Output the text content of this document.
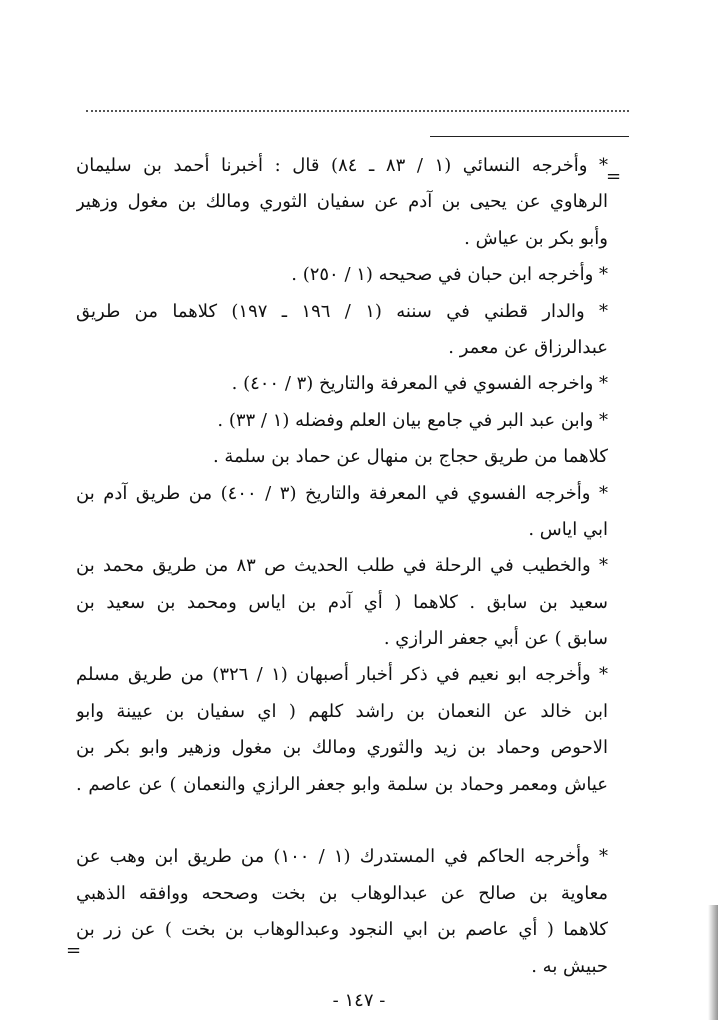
=
* وأخرجه النسائي (١ / ٨٣ ـ ٨٤) قال : أخبرنا أحمد بن سليمان
الرهاوي عن يحيى بن آدم عن سفيان الثوري ومالك بن مغول وزهير
وأبو بكر بن عياش .
* وأخرجه ابن حبان في صحيحه (١ / ٢٥٠) .
* والدار قطني في سننه (١ / ١٩٦ ـ ١٩٧) كلاهما من طريق
عبدالرزاق عن معمر .
* واخرجه الفسوي في المعرفة والتاريخ (٣ / ٤٠٠) .
* وابن عبد البر في جامع بيان العلم وفضله (١ / ٣٣) .
كلاهما من طريق حجاج بن منهال عن حماد بن سلمة .
* وأخرجه الفسوي في المعرفة والتاريخ (٣ / ٤٠٠) من طريق آدم بن
ابي اياس .
* والخطيب في الرحلة في طلب الحديث ص ٨٣ من طريق محمد بن
سعيد بن سابق . كلاهما ( أي آدم بن اياس ومحمد بن سعيد بن
سابق ) عن أبي جعفر الرازي .
* وأخرجه ابو نعيم في ذكر أخبار أصبهان (١ / ٣٢٦) من طريق مسلم
ابن خالد عن النعمان بن راشد كلهم ( اي سفيان بن عيينة وابو
الاحوص وحماد بن زيد والثوري ومالك بن مغول وزهير وابو بكر بن
عياش ومعمر وحماد بن سلمة وابو جعفر الرازي والنعمان ) عن عاصم .
* وأخرجه الحاكم في المستدرك (١ / ١٠٠) من طريق ابن وهب عن
معاوية بن صالح عن عبدالوهاب بن بخت وصححه ووافقه الذهبي
كلاهما ( أي عاصم بن ابي النجود وعبدالوهاب بن بخت ) عن زر بن
حبيش به .
=
- ١٤٧ -
